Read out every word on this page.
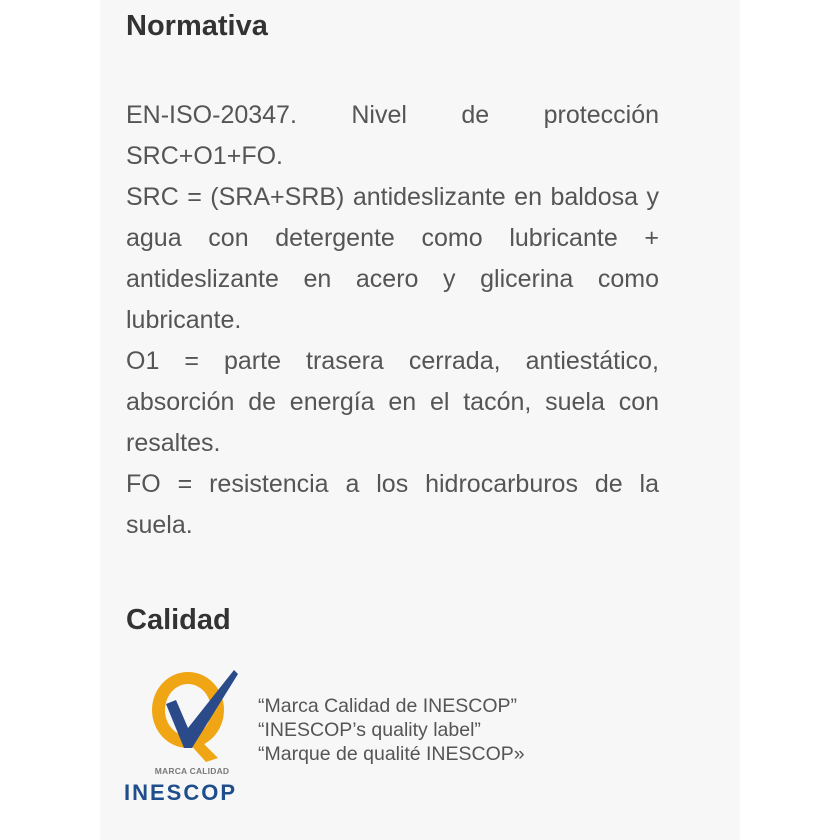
Normativa

EN-ISO-20347. Nivel de protección SRC+O1+FO.

SRC = (SRA+SRB) antideslizante en baldosa y agua con detergente como lubricante + antideslizante en acero y glicerina como lubricante.

O1 = parte trasera cerrada, antiestático, absorción de energía en el tacón, suela con resaltes.

FO = resistencia a los hidrocarburos de la suela.

Calidad
MARCA CALIDAD
INESCOP
“Marca Calidad de INESCOP”
“INESCOP’s quality label”
“Marque de qualité INESCOP»
